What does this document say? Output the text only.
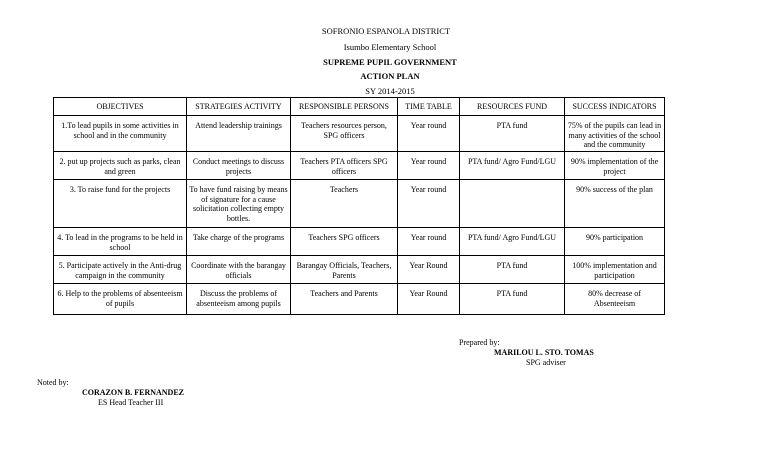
SOFRONIO ESPANOLA DISTRICT
Isumbo Elementary School
SUPREME PUPIL GOVERNMENT
ACTION PLAN
SY 2014-2015
OBJECTIVES	STRATEGIES ACTIVITY	RESPONSIBLE PERSONS	TIME TABLE	RESOURCES FUND	SUCCESS INDICATORS
1.To lead pupils in some activities in school and in the community	Attend leadership trainings	Teachers resources person, SPG officers	Year round	PTA fund	75% of the pupils can lead in many activities of the school and the community
2. put up projects such as parks, clean and green	Conduct meetings to discuss projects	Teachers PTA officers SPG officers	Year round	PTA fund/ Agro Fund/LGU	90% implementation of the project
3. To raise fund for the projects	To have fund raising by means of signature for a cause solicitation collecting empty bottles.	Teachers	Year round		90% success of the plan
4. To lead in the programs to be held in school	Take charge of the programs	Teachers SPG officers	Year round	PTA fund/ Agro Fund/LGU	90% participation
5. Participate actively in the Anti-drug campaign in the community	Coordinate with the barangay officials	Barangay Officials, Teachers, Parents	Year Round	PTA fund	100% implementation and participation
6. Help to the problems of absenteeism of pupils	Discuss the problems of absenteeism among pupils	Teachers and Parents	Year Round	PTA fund	80% decrease of Absenteeism
Prepared by:
MARILOU L. STO. TOMAS
SPG adviser
Noted by:
CORAZON B. FERNANDEZ
ES Head Teacher III
